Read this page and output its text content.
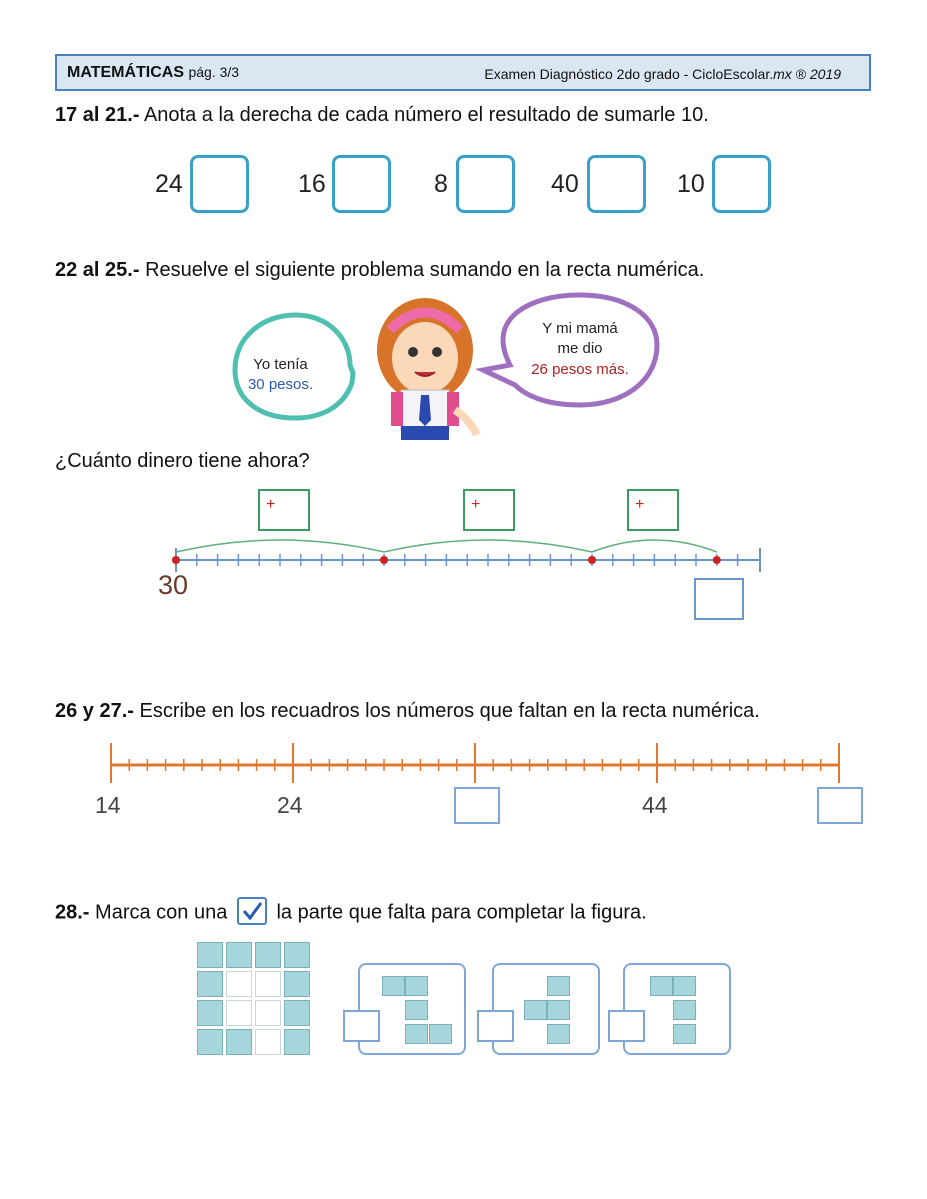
MATEMÁTICAS pág. 3/3	Examen Diagnóstico 2do grado - CicloEscolar.mx ® 2019
17 al 21.- Anota a la derecha de cada número el resultado de sumarle 10.
24	16	8	40	10
22 al 25.- Resuelve el siguiente problema sumando en la recta numérica.
Yo tenía
30 pesos.
Y mi mamá
me dio
26 pesos más.
¿Cuánto dinero tiene ahora?
+	+	+
30
26 y 27.- Escribe en los recuadros los números que faltan en la recta numérica.
14	24	44
28.- Marca con una la parte que falta para completar la figura.
